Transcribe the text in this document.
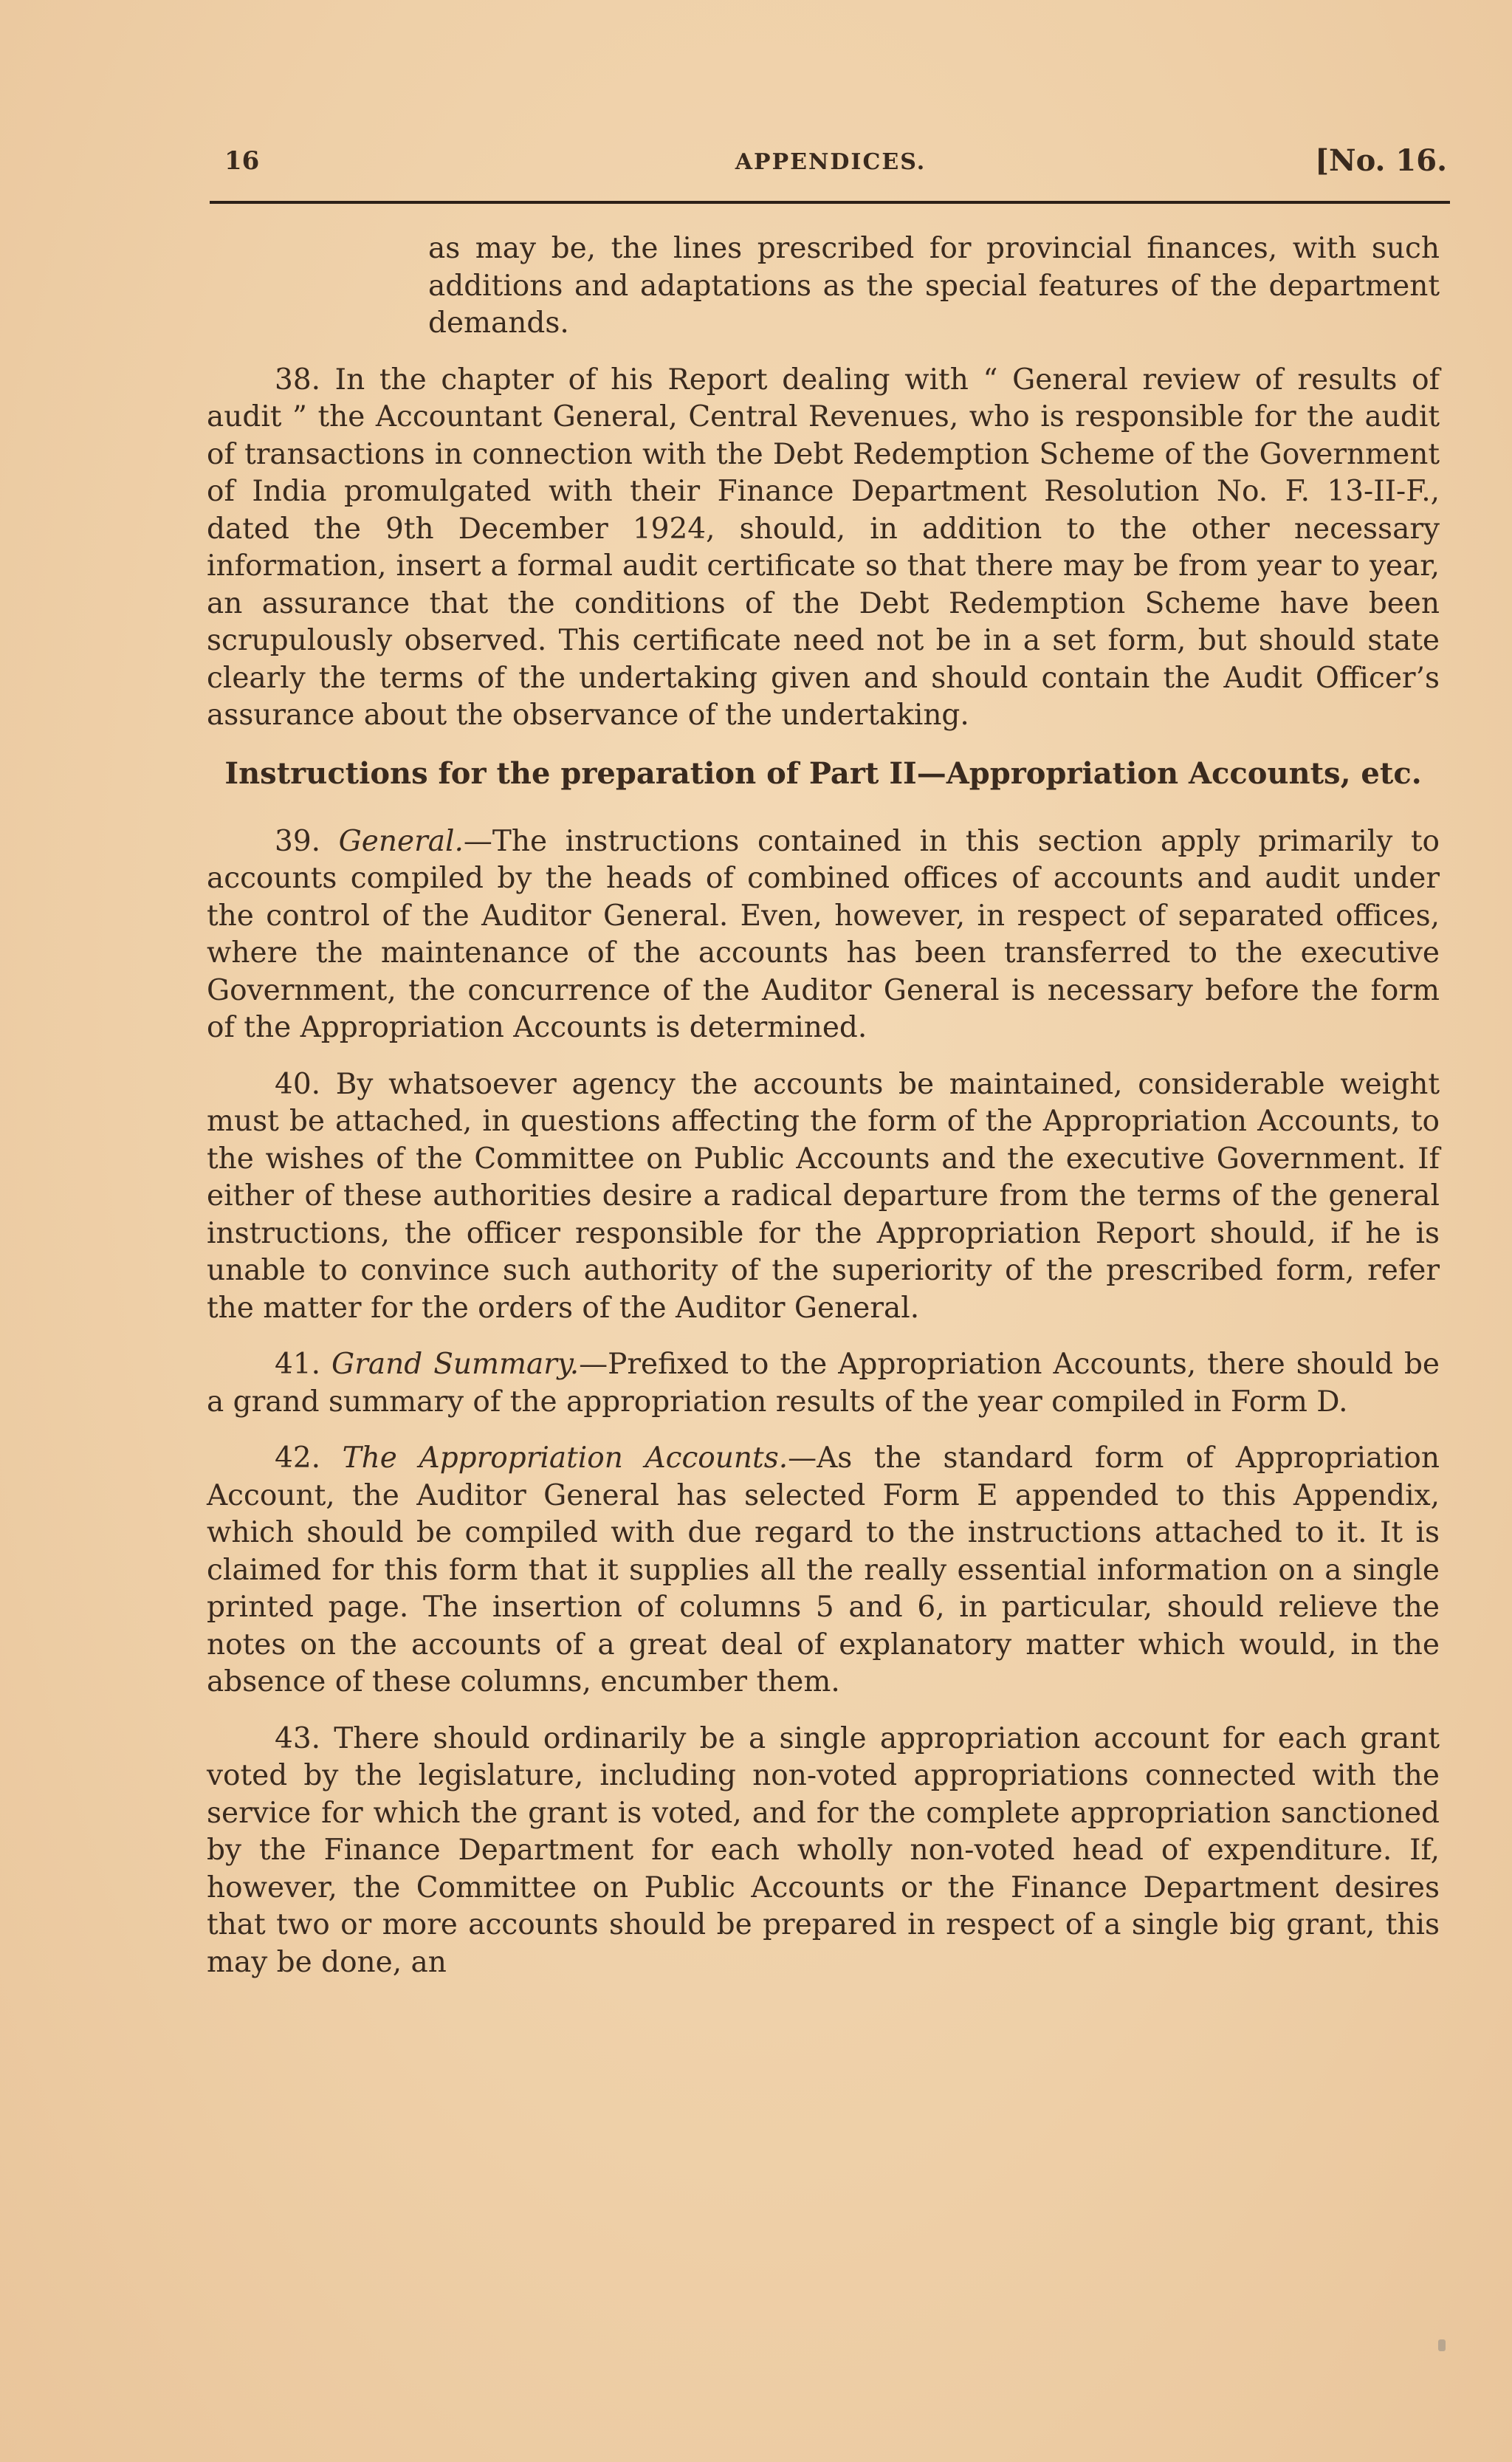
16	APPENDICES.	[No. 16.

as may be, the lines prescribed for provincial finances, with such additions and adaptations as the special features of the department demands.

38. In the chapter of his Report dealing with “ General review of results of audit ” the Accountant General, Central Revenues, who is responsible for the audit of transactions in connection with the Debt Redemption Scheme of the Government of India promulgated with their Finance Department Resolution No. F. 13-II-F., dated the 9th December 1924, should, in addition to the other necessary information, insert a formal audit certificate so that there may be from year to year, an assurance that the conditions of the Debt Redemption Scheme have been scrupulously observed. This certificate need not be in a set form, but should state clearly the terms of the undertaking given and should contain the Audit Officer’s assurance about the observance of the undertaking.

Instructions for the preparation of Part II—Appropriation Accounts, etc.

39. General.—The instructions contained in this section apply primarily to accounts compiled by the heads of combined offices of accounts and audit under the control of the Auditor General. Even, however, in respect of separated offices, where the maintenance of the accounts has been transferred to the executive Government, the concurrence of the Auditor General is necessary before the form of the Appropriation Accounts is determined.

40. By whatsoever agency the accounts be maintained, considerable weight must be attached, in questions affecting the form of the Appropriation Accounts, to the wishes of the Committee on Public Accounts and the executive Government. If either of these authorities desire a radical departure from the terms of the general instructions, the officer responsible for the Appropriation Report should, if he is unable to convince such authority of the superiority of the prescribed form, refer the matter for the orders of the Auditor General.

41. Grand Summary.—Prefixed to the Appropriation Accounts, there should be a grand summary of the appropriation results of the year compiled in Form D.

42. The Appropriation Accounts.—As the standard form of Appropriation Account, the Auditor General has selected Form E appended to this Appendix, which should be compiled with due regard to the instructions attached to it. It is claimed for this form that it supplies all the really essential information on a single printed page. The insertion of columns 5 and 6, in particular, should relieve the notes on the accounts of a great deal of explanatory matter which would, in the absence of these columns, encumber them.

43. There should ordinarily be a single appropriation account for each grant voted by the legislature, including non-voted appropriations connected with the service for which the grant is voted, and for the complete appropriation sanctioned by the Finance Department for each wholly non-voted head of expenditure. If, however, the Committee on Public Accounts or the Finance Department desires that two or more accounts should be prepared in respect of a single big grant, this may be done, an
